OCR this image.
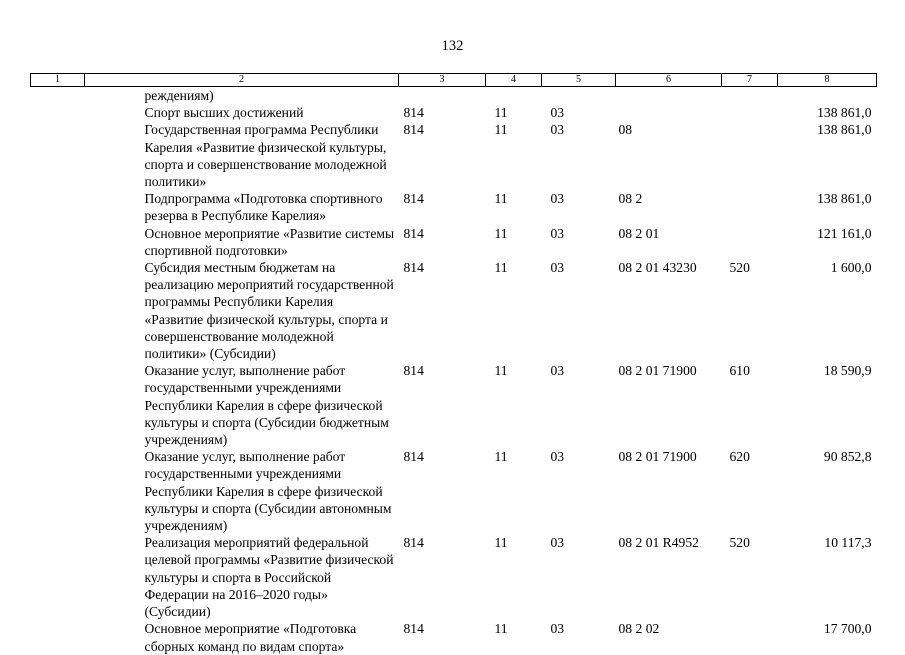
132
1	2	3	4	5	6	7	8
	реждениям)						
	Спорт высших достижений	814	11	03			138 861,0
	Государственная программа Республики Карелия «Развитие физической культуры, спорта и совершенствование молодежной политики»	814	11	03	08		138 861,0
	Подпрограмма «Подготовка спортивного резерва в Республике Карелия»	814	11	03	08 2		138 861,0
	Основное мероприятие «Развитие системы спортивной подготовки»	814	11	03	08 2 01		121 161,0
	Субсидия местным бюджетам на реализацию мероприятий государственной программы Республики Карелия «Развитие физической культуры, спорта и совершенствование молодежной политики» (Субсидии)	814	11	03	08 2 01 43230	520	1 600,0
	Оказание услуг, выполнение работ государственными учреждениями Республики Карелия в сфере физической культуры и спорта (Субсидии бюджетным учреждениям)	814	11	03	08 2 01 71900	610	18 590,9
	Оказание услуг, выполнение работ государственными учреждениями Республики Карелия в сфере физической культуры и спорта (Субсидии автономным учреждениям)	814	11	03	08 2 01 71900	620	90 852,8
	Реализация мероприятий федеральной целевой программы «Развитие физической культуры и спорта в Российской Федерации на 2016–2020 годы» (Субсидии)	814	11	03	08 2 01 R4952	520	10 117,3
	Основное мероприятие «Подготовка сборных команд по видам спорта»	814	11	03	08 2 02		17 700,0
